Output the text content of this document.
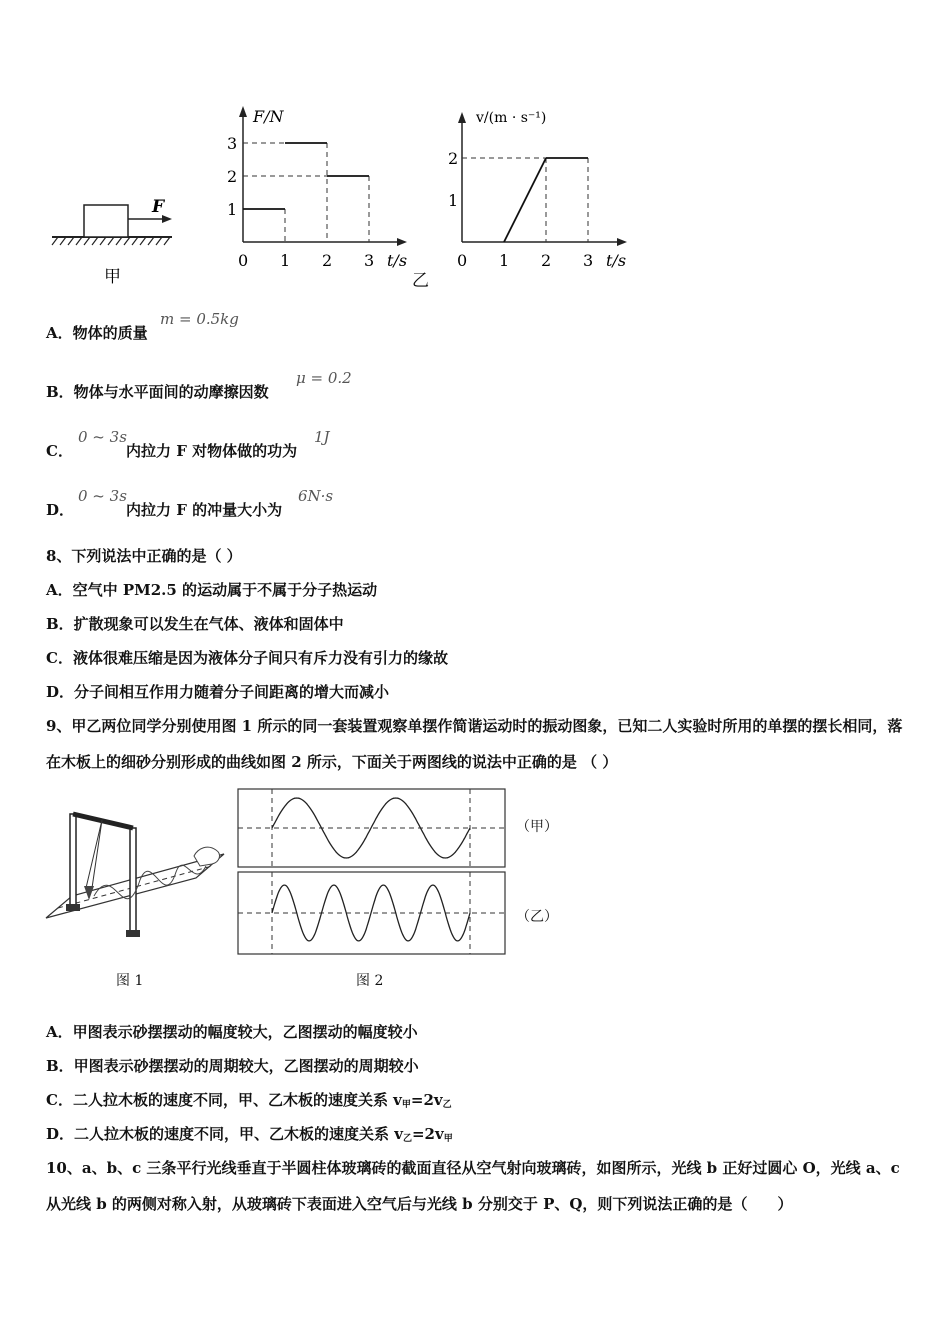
F
甲
F/N
t/s
0 1 2 3
1
2
3
乙
v/(m · s⁻¹)
t/s
0 1 2 3
1
2
A．物体的质量
m = 0.5kg
B．物体与水平面间的动摩擦因数
μ = 0.2
C．
0 ~ 3s
内拉力 F 对物体做的功为
1J
D．
0 ~ 3s
内拉力 F 的冲量大小为
6N·s
8、下列说法中正确的是（ ）
A．空气中 PM2.5 的运动属于不属于分子热运动
B．扩散现象可以发生在气体、液体和固体中
C．液体很难压缩是因为液体分子间只有斥力没有引力的缘故
D．分子间相互作用力随着分子间距离的增大而减小
9、甲乙两位同学分别使用图 1 所示的同一套装置观察单摆作简谐运动时的振动图象，已知二人实验时所用的单摆的摆长相同，落在木板上的细砂分别形成的曲线如图 2 所示，下面关于两图线的说法中正确的是 （ ）
图 1
（甲）
（乙）
图 2
A．甲图表示砂摆摆动的幅度较大，乙图摆动的幅度较小
B．甲图表示砂摆摆动的周期较大，乙图摆动的周期较小
C．二人拉木板的速度不同，甲、乙木板的速度关系 $v_甲=2v_乙$
D．二人拉木板的速度不同，甲、乙木板的速度关系 $v_乙=2v_甲$
10、a、b、c 三条平行光线垂直于半圆柱体玻璃砖的截面直径从空气射向玻璃砖，如图所示，光线 b 正好过圆心 O，光线 a、c 从光线 b 的两侧对称入射，从玻璃砖下表面进入空气后与光线 b 分别交于 P、Q，则下列说法正确的是（　　）
